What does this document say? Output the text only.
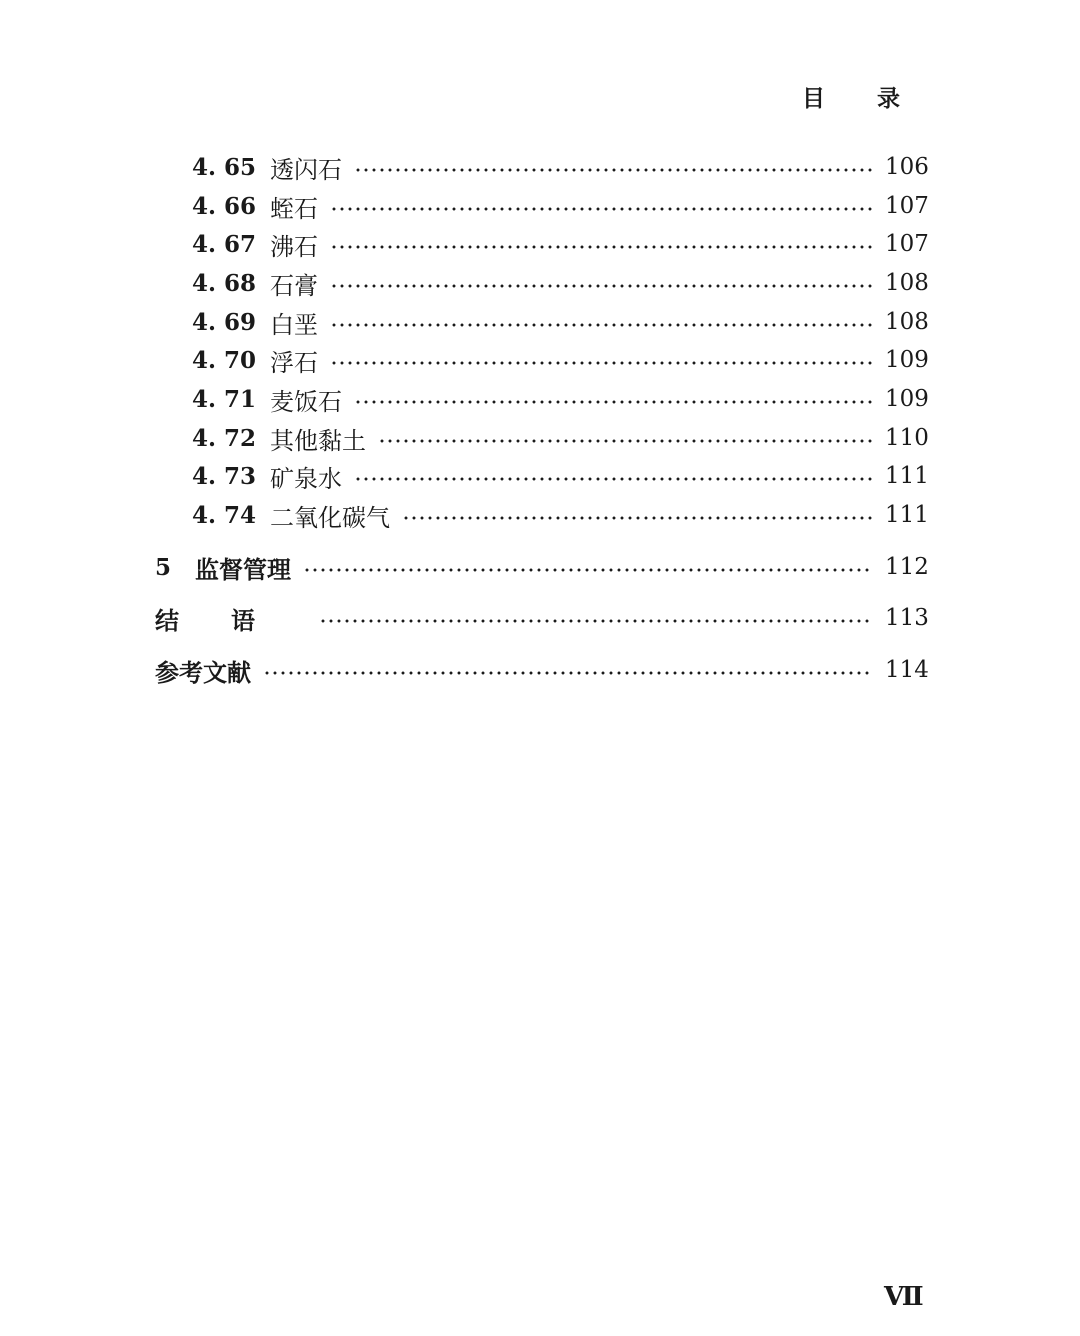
目录
4. 65 透闪石	106
4. 66 蛭石	107
4. 67 沸石	107
4. 68 石膏	108
4. 69 白垩	108
4. 70 浮石	109
4. 71 麦饭石	109
4. 72 其他黏土	110
4. 73 矿泉水	111
4. 74 二氧化碳气	111
5 监督管理	112
结语	113
参考文献	114
Ⅶ
